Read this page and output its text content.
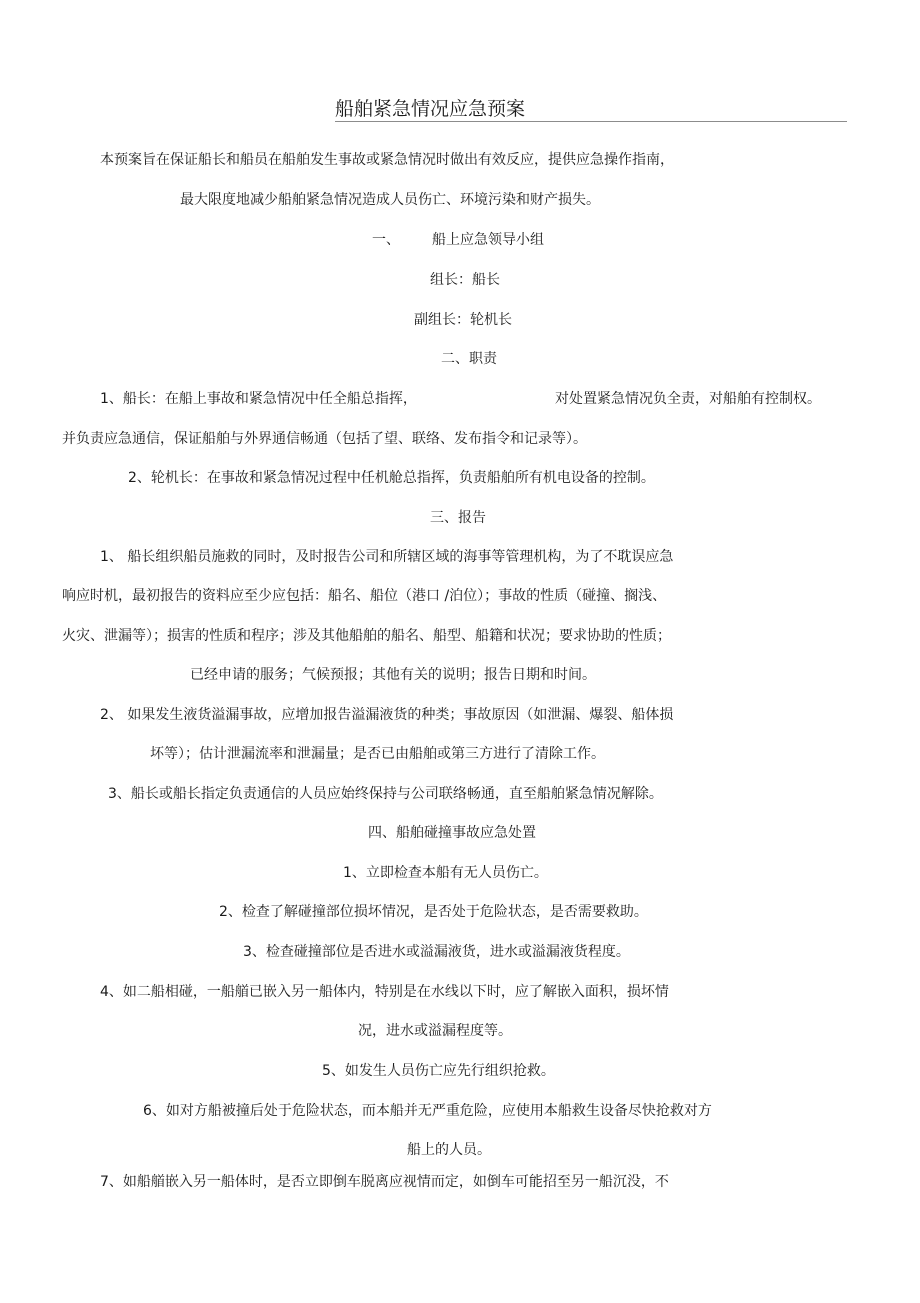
船舶紧急情况应急预案
本预案旨在保证船长和船员在船舶发生事故或紧急情况时做出有效反应，提供应急操作指南，
最大限度地减少船舶紧急情况造成人员伤亡、环境污染和财产损失。
一、 船上应急领导小组
组长：船长
副组长：轮机长
二、职责
1、船长：在船上事故和紧急情况中任全船总指挥，	对处置紧急情况负全责，对船舶有控制权。
并负责应急通信，保证船舶与外界通信畅通（包括了望、联络、发布指令和记录等）。
2、轮机长：在事故和紧急情况过程中任机舱总指挥，负责船舶所有机电设备的控制。
三、报告
1、 船长组织船员施救的同时，及时报告公司和所辖区域的海事等管理机构，为了不耽误应急
响应时机，最初报告的资料应至少应包括：船名、船位（港口 /泊位）；事故的性质（碰撞、搁浅、
火灾、泄漏等）；损害的性质和程序；涉及其他船舶的船名、船型、船籍和状况；要求协助的性质；
已经申请的服务；气候预报；其他有关的说明；报告日期和时间。
2、 如果发生液货溢漏事故，应增加报告溢漏液货的种类；事故原因（如泄漏、爆裂、船体损
坏等）；估计泄漏流率和泄漏量；是否已由船舶或第三方进行了清除工作。
3、船长或船长指定负责通信的人员应始终保持与公司联络畅通，直至船舶紧急情况解除。
四、船舶碰撞事故应急处置
1、立即检查本船有无人员伤亡。
2、检查了解碰撞部位损坏情况，是否处于危险状态，是否需要救助。
3、检查碰撞部位是否进水或溢漏液货，进水或溢漏液货程度。
4、如二船相碰，一船艏已嵌入另一船体内，特别是在水线以下时，应了解嵌入面积，损坏情
况，进水或溢漏程度等。
5、如发生人员伤亡应先行组织抢救。
6、如对方船被撞后处于危险状态，而本船并无严重危险，应使用本船救生设备尽快抢救对方
船上的人员。
7、如船艏嵌入另一船体时，是否立即倒车脱离应视情而定，如倒车可能招至另一船沉没，不
